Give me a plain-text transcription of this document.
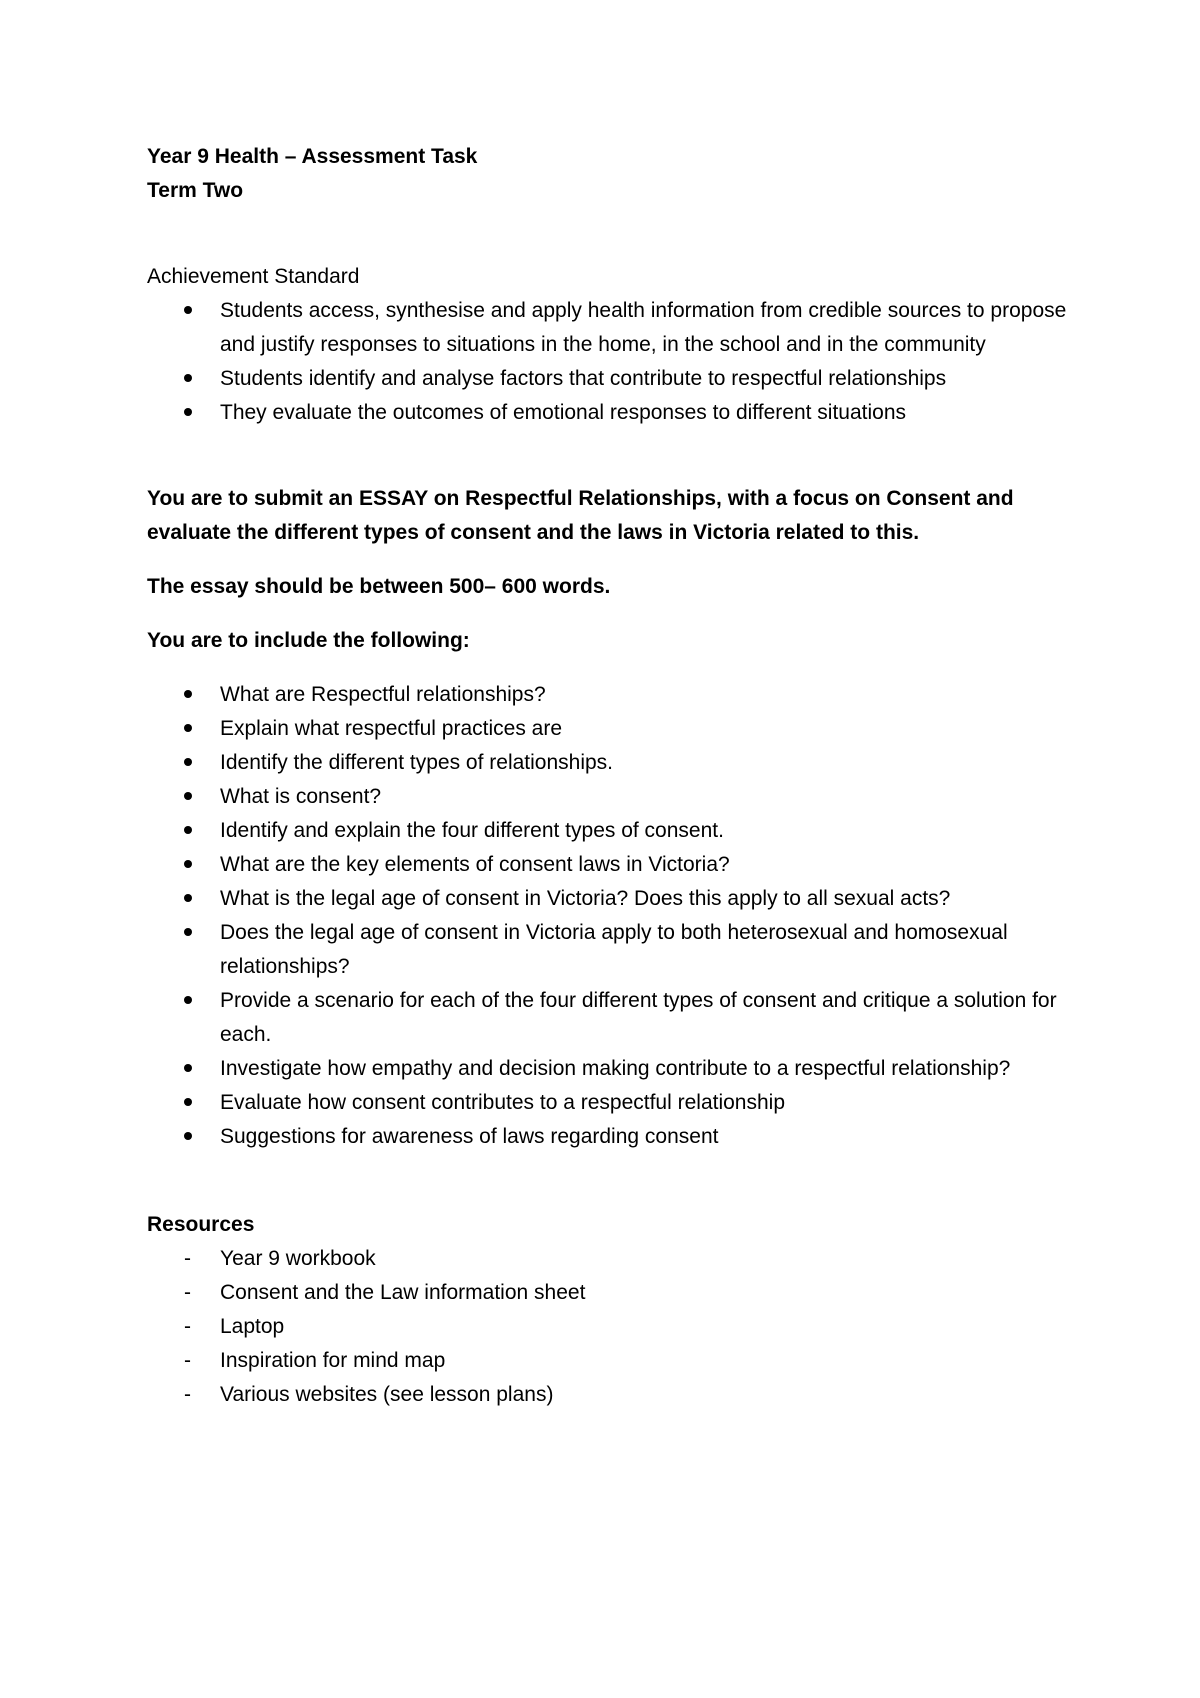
Year 9 Health – Assessment Task
Term Two
Achievement Standard
Students access, synthesise and apply health information from credible sources to propose and justify responses to situations in the home, in the school and in the community
Students identify and analyse factors that contribute to respectful relationships
They evaluate the outcomes of emotional responses to different situations

You are to submit an ESSAY on Respectful Relationships, with a focus on Consent and evaluate the different types of consent and the laws in Victoria related to this.

The essay should be between 500– 600 words.

You are to include the following:

What are Respectful relationships?
Explain what respectful practices are
Identify the different types of relationships.
What is consent?
Identify and explain the four different types of consent.
What are the key elements of consent laws in Victoria?
What is the legal age of consent in Victoria? Does this apply to all sexual acts?
Does the legal age of consent in Victoria apply to both heterosexual and homosexual relationships?
Provide a scenario for each of the four different types of consent and critique a solution for each.
Investigate how empathy and decision making contribute to a respectful relationship?
Evaluate how consent contributes to a respectful relationship
Suggestions for awareness of laws regarding consent
Resources
- Year 9 workbook
- Consent and the Law information sheet
- Laptop
- Inspiration for mind map
- Various websites (see lesson plans)
